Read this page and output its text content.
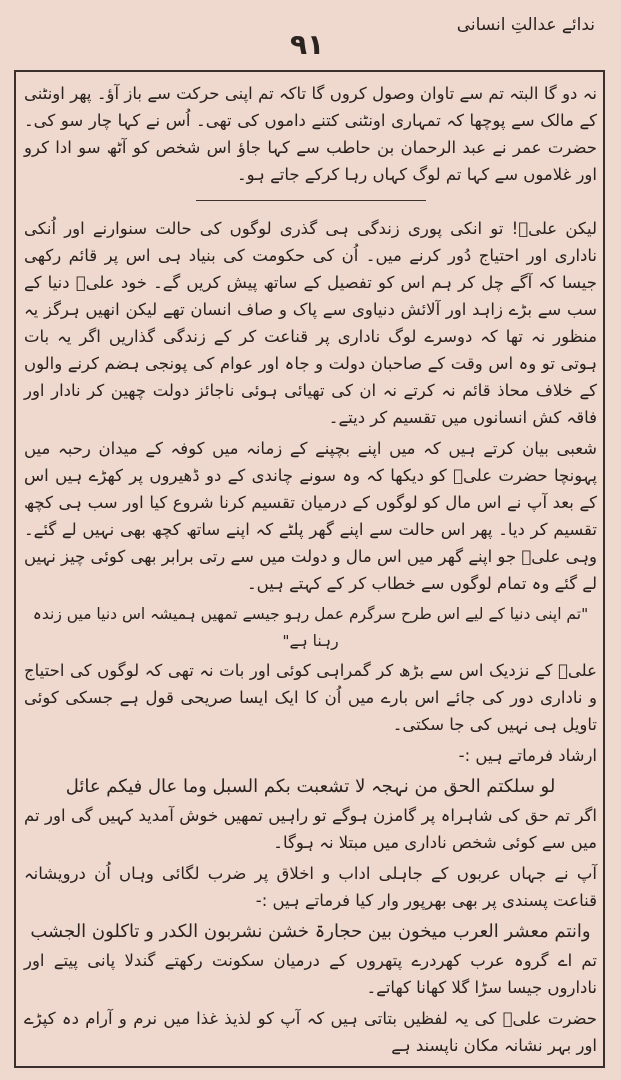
ندائے عدالتِ انسانی
۹۱

نہ دو گا البتہ تم سے تاوان وصول کروں گا تاکہ تم اپنی حرکت سے باز آؤ۔ پھر اونٹنی کے مالک سے پوچھا کہ تمہاری اونٹنی کتنے داموں کی تھی۔ اُس نے کہا چار سو کی۔ حضرت عمر نے عبد الرحمان بن حاطب سے کہا جاؤ اس شخص کو آٹھ سو ادا کرو اور غلاموں سے کہا تم لوگ کہاں رہا کرکے جاتے ہو۔

لیکن علیؑ! تو انکی پوری زندگی ہی گذری لوگوں کی حالت سنوارنے اور اُنکی ناداری اور احتیاج دُور کرنے میں۔ اُن کی حکومت کی بنیاد ہی اس پر قائم رکھی جیسا کہ آگے چل کر ہم اس کو تفصیل کے ساتھ پیش کریں گے۔ خود علیؑ دنیا کے سب سے بڑے زاہد اور آلائش دنیاوی سے پاک و صاف انسان تھے لیکن انھیں ہرگز یہ منظور نہ تھا کہ دوسرے لوگ ناداری پر قناعت کر کے زندگی گذاریں اگر یہ بات ہوتی تو وہ اس وقت کے صاحبان دولت و جاہ اور عوام کی پونجی ہضم کرنے والوں کے خلاف محاذ قائم نہ کرتے نہ ان کی تھیائی ہوئی ناجائز دولت چھین کر نادار اور فاقہ کش انسانوں میں تقسیم کر دیتے۔

شعبی بیان کرتے ہیں کہ میں اپنے بچپنے کے زمانہ میں کوفہ کے میدان رحبہ میں پہونچا حضرت علیؑ کو دیکھا کہ وہ سونے چاندی کے دو ڈھیروں پر کھڑے ہیں اس کے بعد آپ نے اس مال کو لوگوں کے درمیان تقسیم کرنا شروع کیا اور سب ہی کچھ تقسیم کر دیا۔ پھر اس حالت سے اپنے گھر پلٹے کہ اپنے ساتھ کچھ بھی نہیں لے گئے۔ وہی علیؑ جو اپنے گھر میں اس مال و دولت میں سے رتی برابر بھی کوئی چیز نہیں لے گئے وہ تمام لوگوں سے خطاب کر کے کہتے ہیں۔

"تم اپنی دنیا کے لیے اس طرح سرگرم عمل رہو جیسے تمھیں ہمیشہ اس دنیا میں زندہ رہنا ہے"

علیؑ کے نزدیک اس سے بڑھ کر گمراہی کوئی اور بات نہ تھی کہ لوگوں کی احتیاج و ناداری دور کی جائے اس بارے میں اُن کا ایک ایسا صریحی قول ہے جسکی کوئی تاویل ہی نہیں کی جا سکتی۔

ارشاد فرماتے ہیں :-

لو سلکتم الحق من نہجہ لا تشعبت بکم السبل وما عال فیکم عائل

اگر تم حق کی شاہراہ پر گامزن ہوگے تو راہیں تمھیں خوش آمدید کہیں گی اور تم میں سے کوئی شخص ناداری میں مبتلا نہ ہوگا۔

آپ نے جہاں عربوں کے جاہلی اداب و اخلاق پر ضرب لگائی وہاں اُن درویشانہ قناعت پسندی پر بھی بھرپور وار کیا فرماتے ہیں :-

وانتم معشر العرب میخون بین حجارۃ خشن نشربون الکدر و تاکلون الجشب

تم اے گروہ عرب کھردرے پتھروں کے درمیان سکونت رکھتے گندلا پانی پیتے اور ناداروں جیسا سڑا گلا کھانا کھاتے۔

حضرت علیؑ کی یہ لفظیں بتاتی ہیں کہ آپ کو لذیذ غذا میں نرم و آرام دہ کپڑے اور بہر نشانہ مکان ناپسند ہے
